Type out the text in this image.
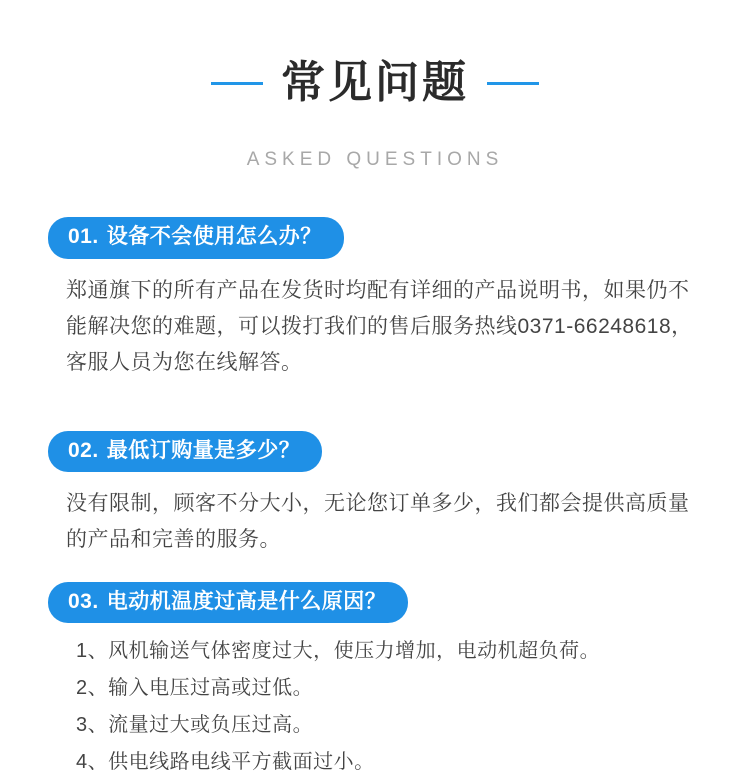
常见问题
ASKED QUESTIONS
01. 设备不会使用怎么办？

郑通旗下的所有产品在发货时均配有详细的产品说明书，如果仍不能解决您的难题，可以拨打我们的售后服务热线0371-66248618，客服人员为您在线解答。

02. 最低订购量是多少？

没有限制，顾客不分大小，无论您订单多少，我们都会提供高质量的产品和完善的服务。

03. 电动机温度过高是什么原因？
1、风机输送气体密度过大，使压力增加，电动机超负荷。
2、输入电压过高或过低。
3、流量过大或负压过高。
4、供电线路电线平方截面过小。
